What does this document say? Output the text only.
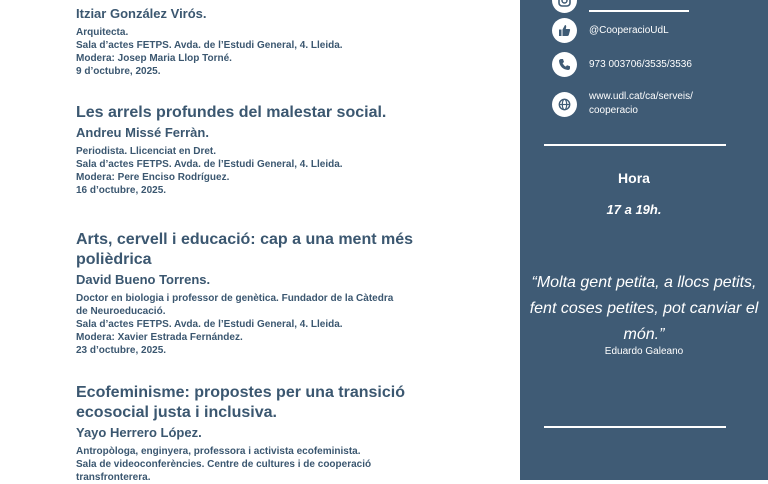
Itziar González Virós.
Arquitecta.
Sala d’actes FETPS. Avda. de l’Estudi General, 4. Lleida.
Modera: Josep Maria Llop Torné.
9 d’octubre, 2025.
Les arrels profundes del malestar social.
Andreu Missé Ferràn.
Periodista. Llicenciat en Dret.
Sala d’actes FETPS. Avda. de l’Estudi General, 4. Lleida.
Modera: Pere Enciso Rodríguez.
16 d’octubre, 2025.
Arts, cervell i educació: cap a una ment més
polièdrica
David Bueno Torrens.
Doctor en biologia i professor de genètica. Fundador de la Càtedra
de Neuroeducació.
Sala d’actes FETPS. Avda. de l’Estudi General, 4. Lleida.
Modera: Xavier Estrada Fernández.
23 d’octubre, 2025.
Ecofeminisme: propostes per una transició
ecosocial justa i inclusiva.
Yayo Herrero López.
Antropòloga, enginyera, professora i activista ecofeminista.
Sala de videoconferències. Centre de cultures i de cooperació
transfronterera.
@CooperacioUdL
973 003706/3535/3536
www.udl.cat/ca/serveis/
cooperacio
Hora
17 a 19h.
“Molta gent petita, a llocs petits, fent coses petites, pot canviar el món.”
Eduardo Galeano
